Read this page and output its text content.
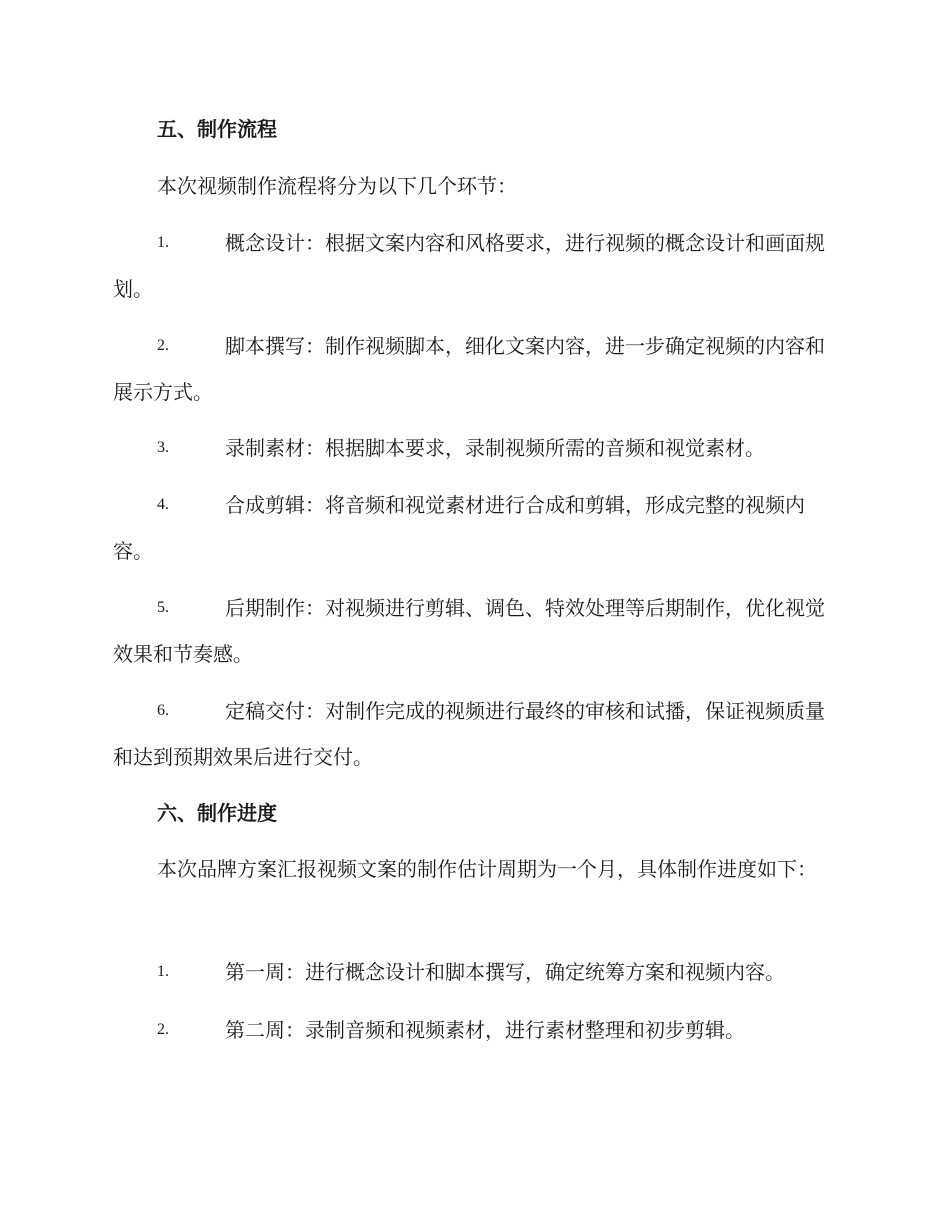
五、制作流程
本次视频制作流程将分为以下几个环节：
1.	概念设计：根据文案内容和风格要求，进行视频的概念设计和画面规划。
2.	脚本撰写：制作视频脚本，细化文案内容，进一步确定视频的内容和展示方式。
3.	录制素材：根据脚本要求，录制视频所需的音频和视觉素材。
4.	合成剪辑：将音频和视觉素材进行合成和剪辑，形成完整的视频内容。
5.	后期制作：对视频进行剪辑、调色、特效处理等后期制作，优化视觉效果和节奏感。
6.	定稿交付：对制作完成的视频进行最终的审核和试播，保证视频质量和达到预期效果后进行交付。
六、制作进度
本次品牌方案汇报视频文案的制作估计周期为一个月，具体制作进度如下：
1.	第一周：进行概念设计和脚本撰写，确定统筹方案和视频内容。
2.	第二周：录制音频和视频素材，进行素材整理和初步剪辑。
